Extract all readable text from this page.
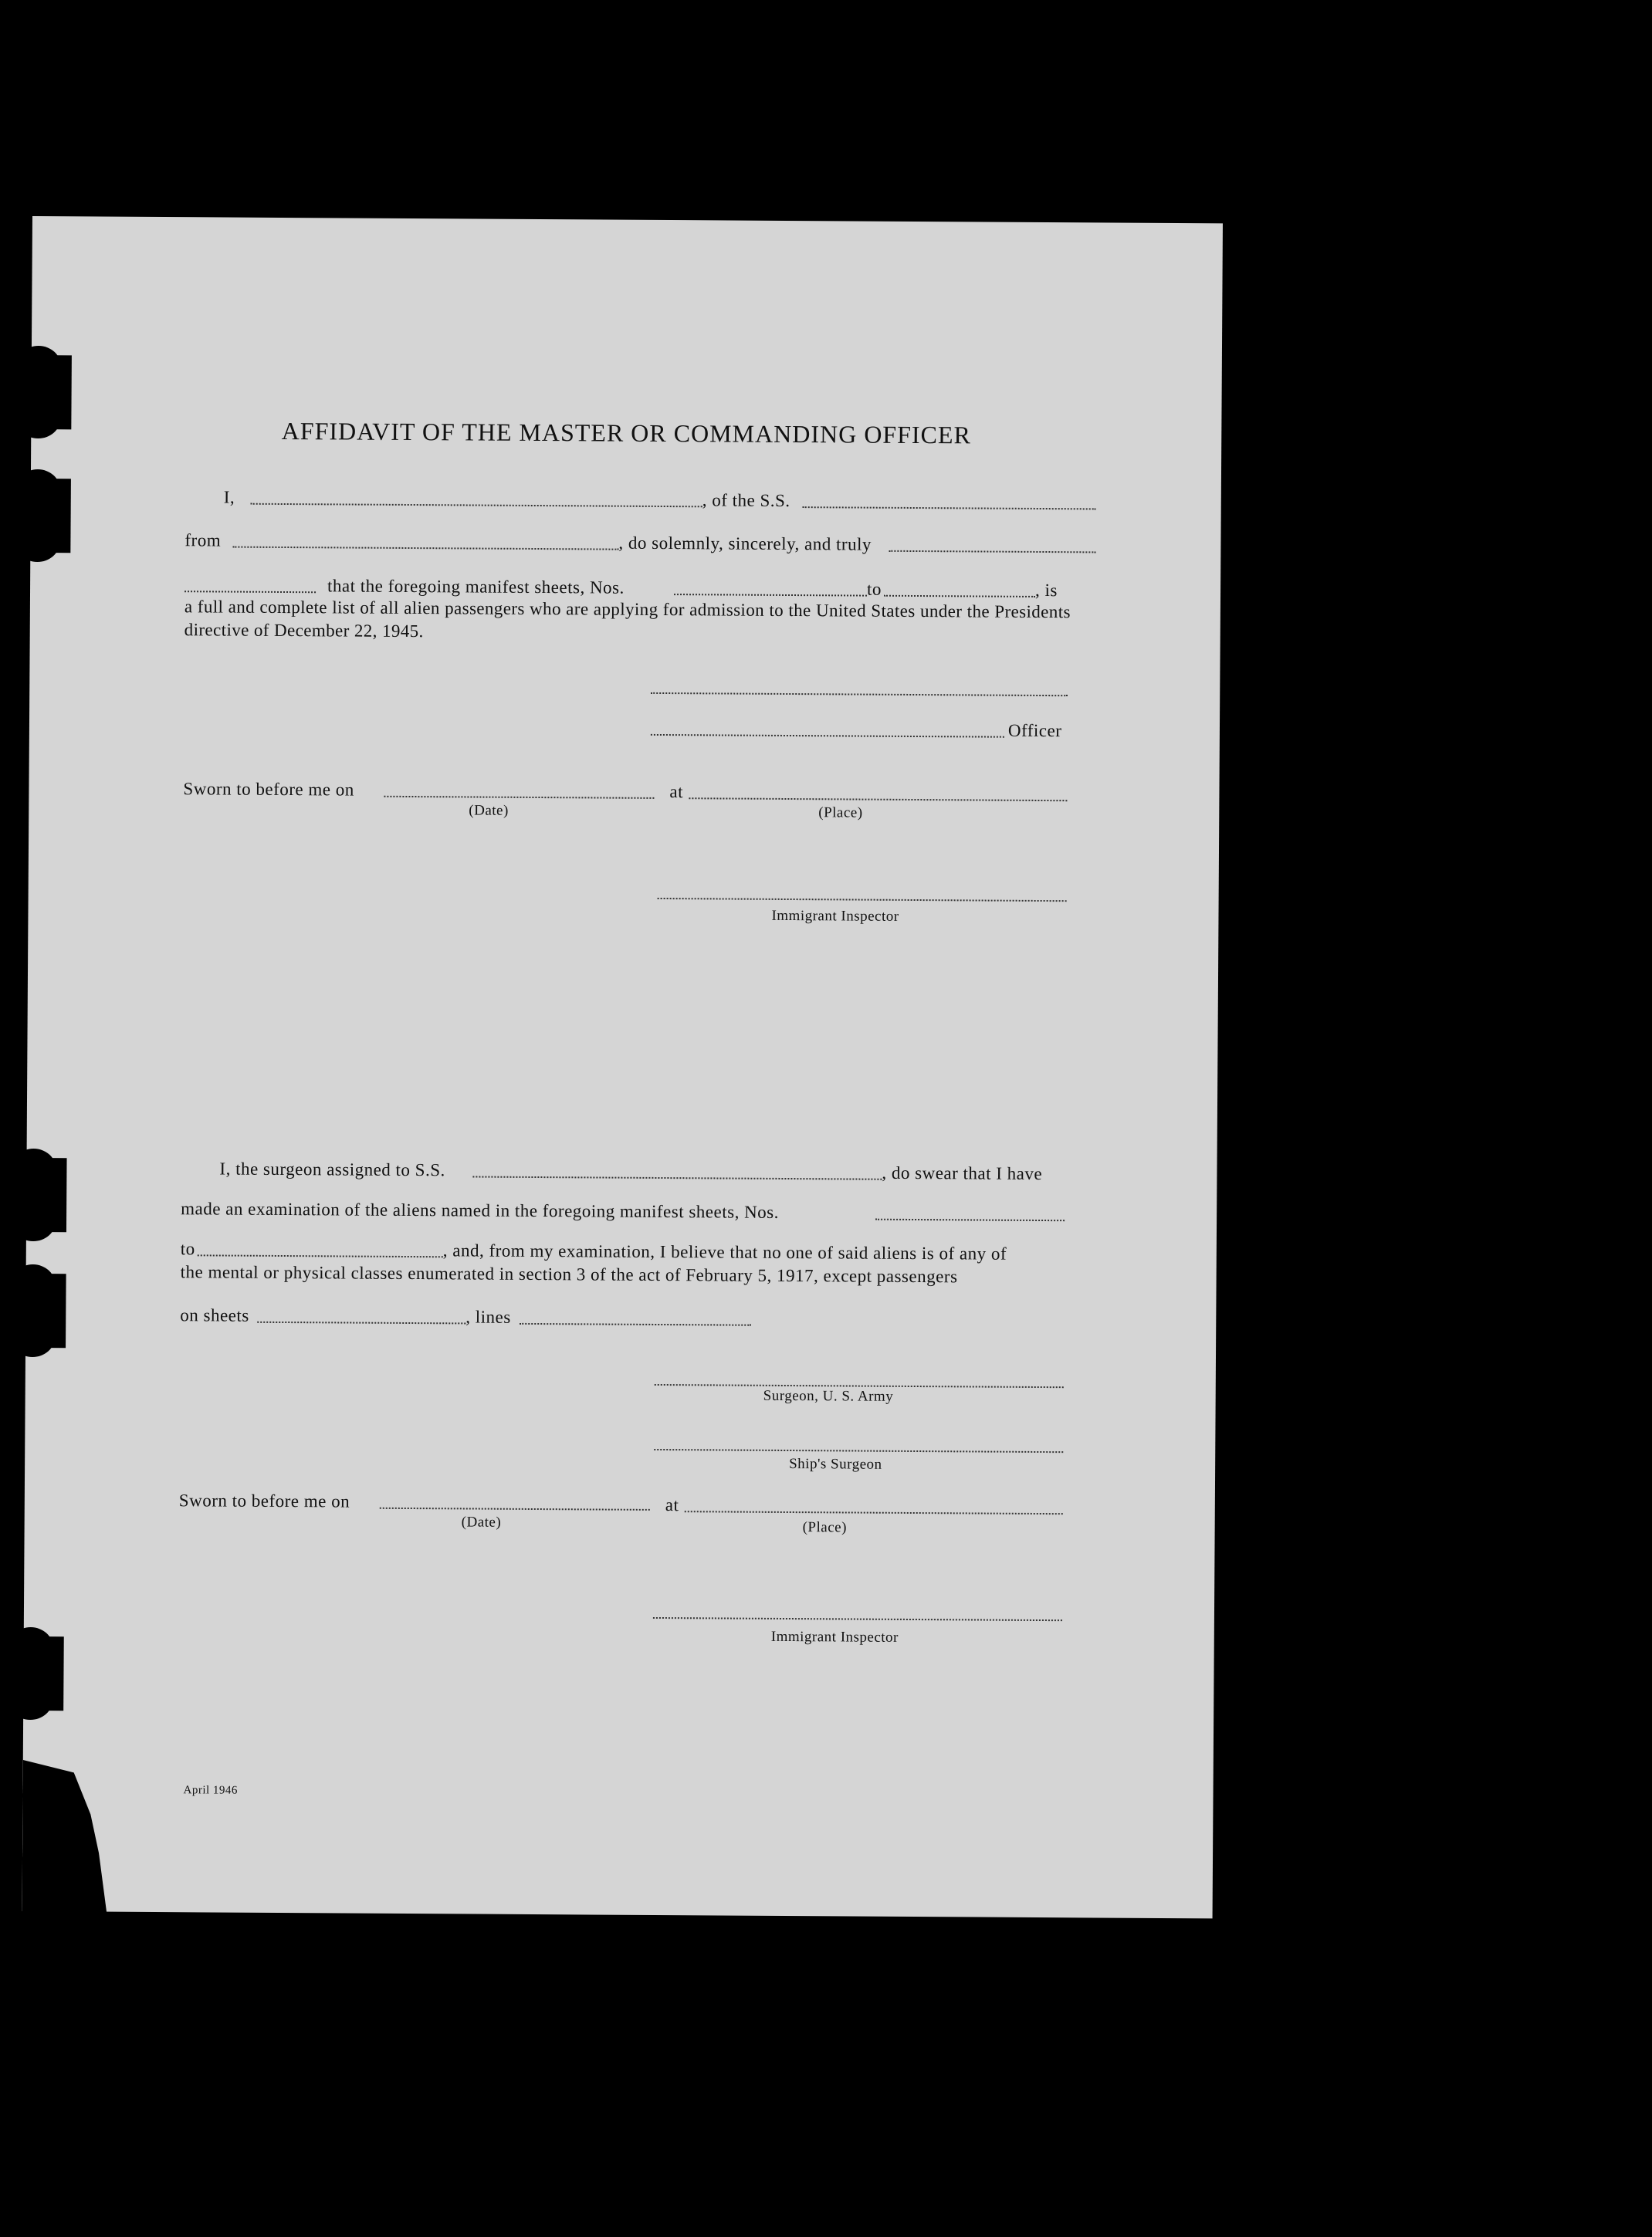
AFFIDAVIT OF THE MASTER OR COMMANDING OFFICER
I,	, of the S.S.
from	, do solemnly, sincerely, and truly
that the foregoing manifest sheets, Nos.	to	, is
a full and complete list of all alien passengers who are applying for admission to the United States under the Presidents directive of December 22, 1945.
Officer
Sworn to before me on	at
(Date)	(Place)
Immigrant Inspector
I, the surgeon assigned to S.S.	, do swear that I have
made an examination of the aliens named in the foregoing manifest sheets, Nos.
to	, and, from my examination, I believe that no one of said aliens is of any of
the mental or physical classes enumerated in section 3 of the act of February 5, 1917, except passengers
on sheets	, lines
Surgeon, U. S. Army
Ship's Surgeon
Sworn to before me on	at
(Date)	(Place)
Immigrant Inspector
April 1946
